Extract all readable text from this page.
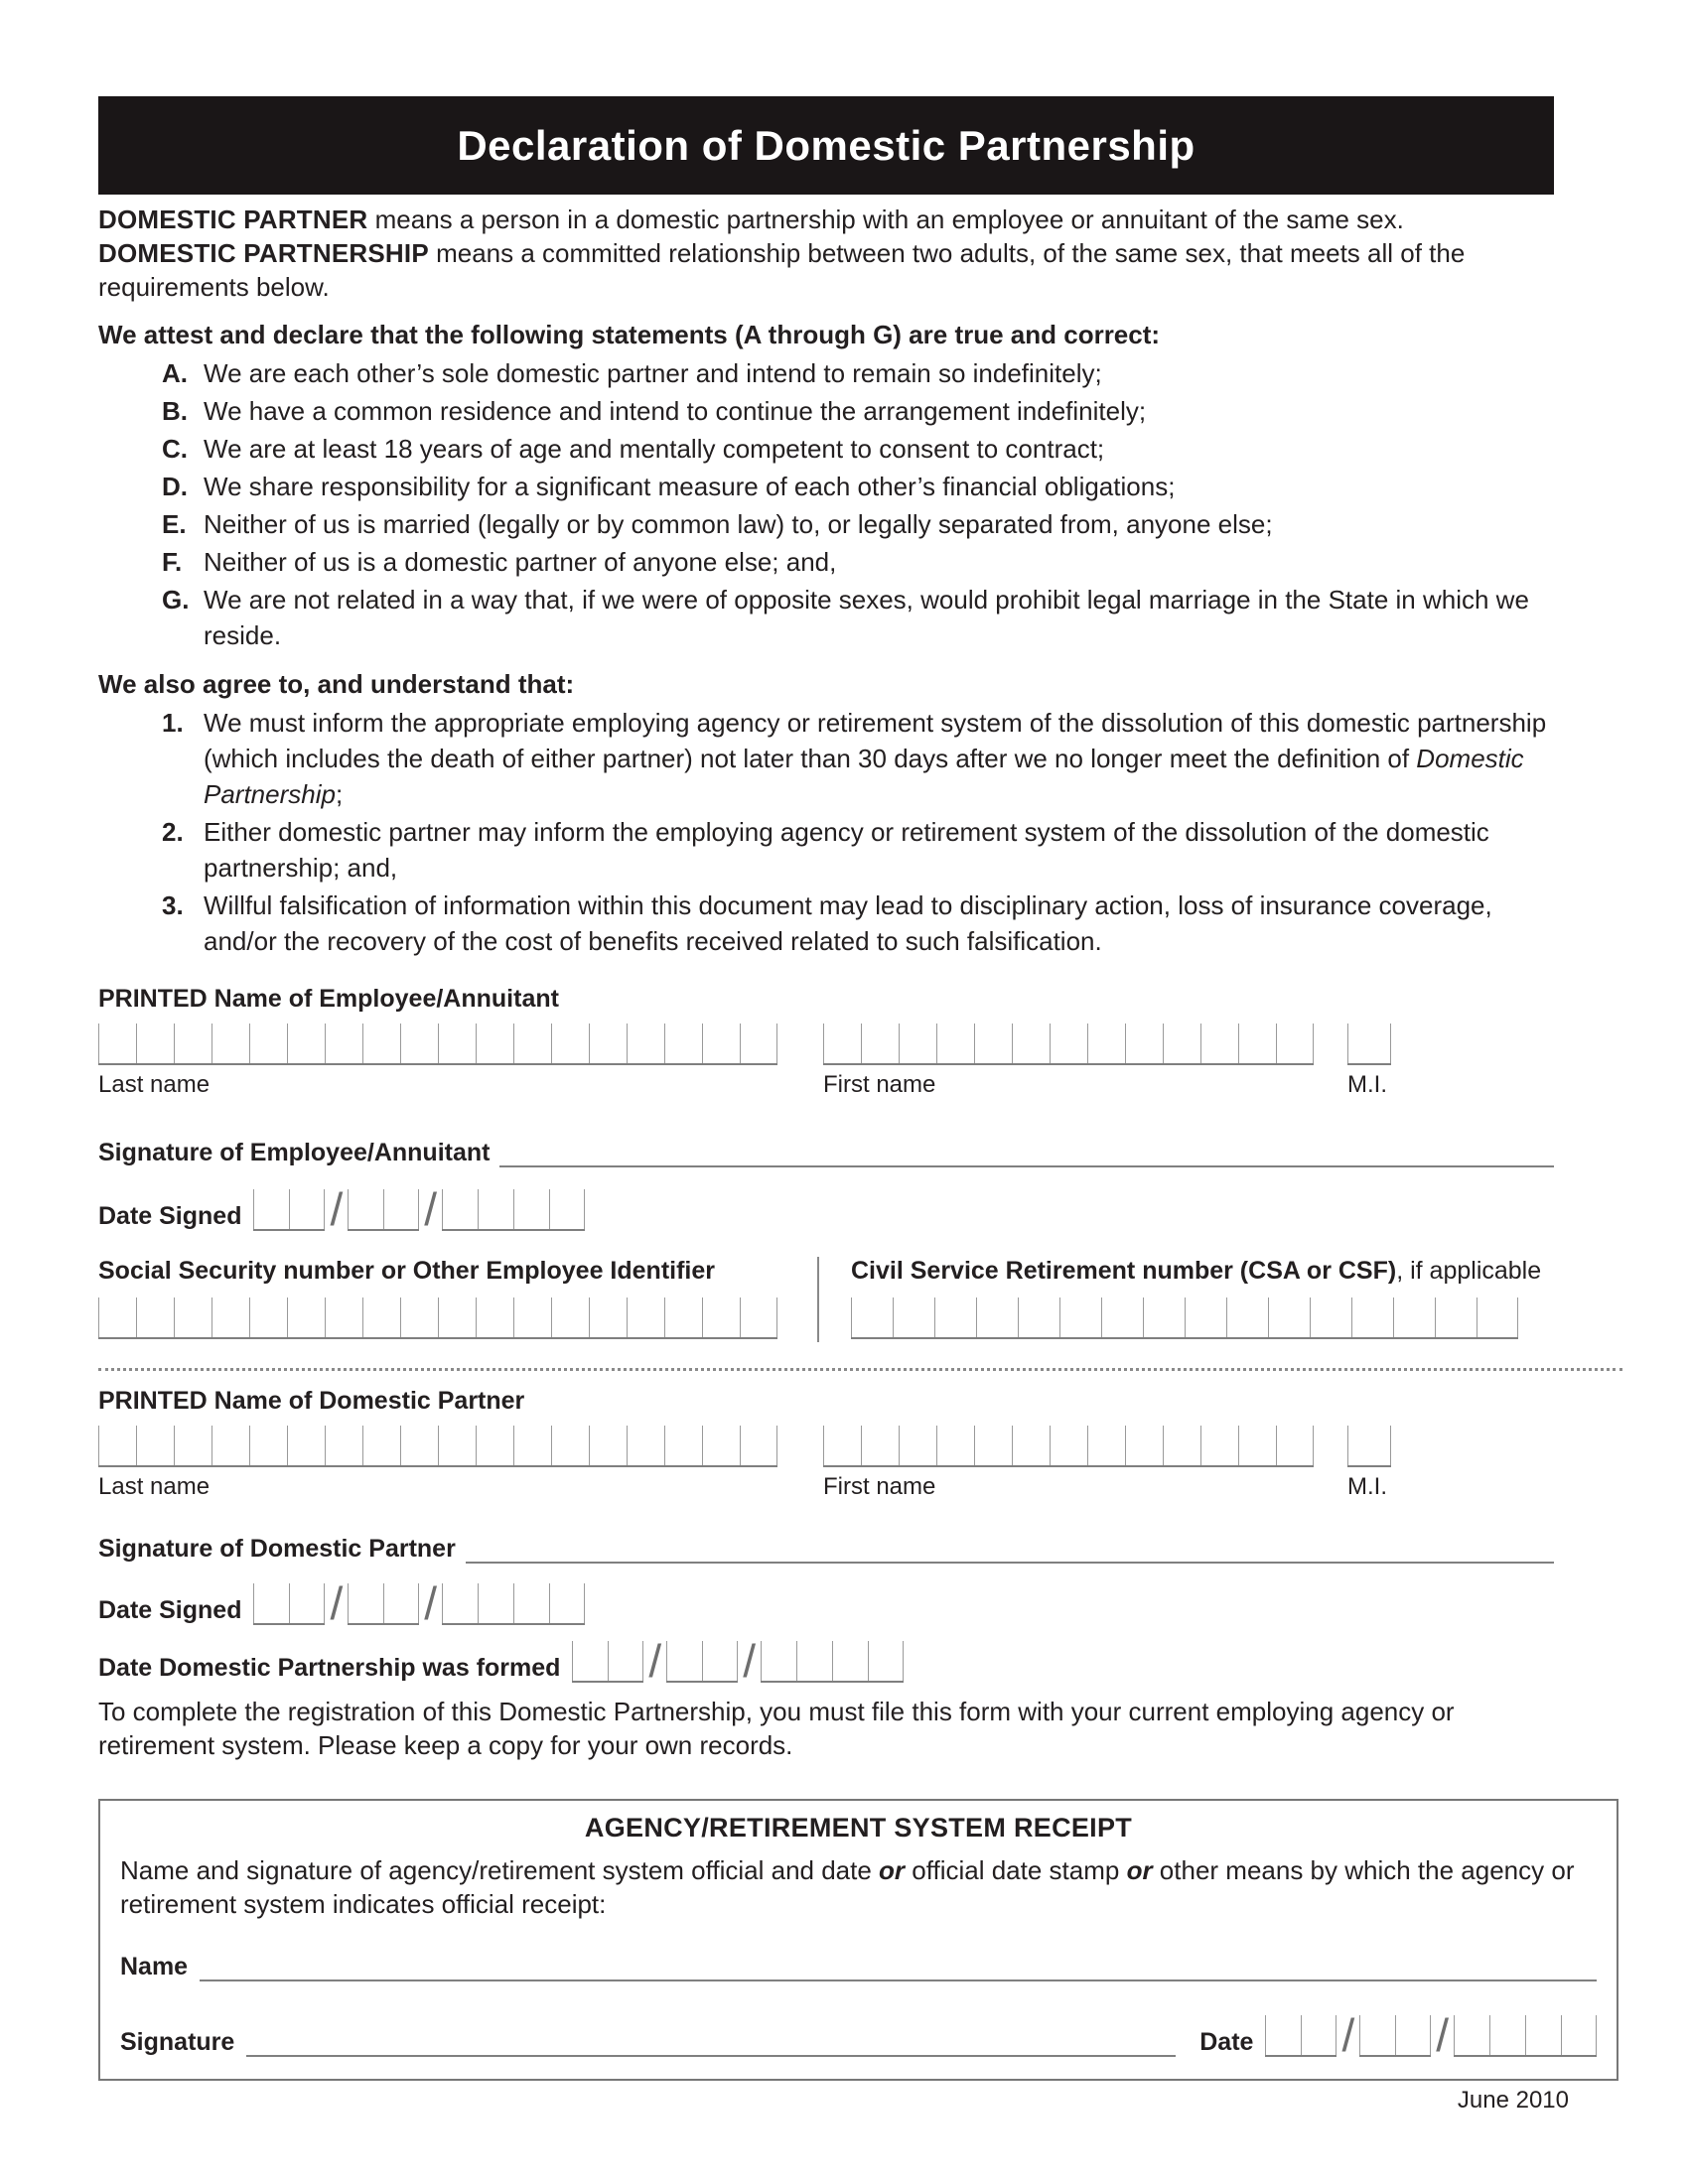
Declaration of Domestic Partnership

DOMESTIC PARTNER means a person in a domestic partnership with an employee or annuitant of the same sex.

DOMESTIC PARTNERSHIP means a committed relationship between two adults, of the same sex, that meets all of the requirements below.

We attest and declare that the following statements (A through G) are true and correct:
A. We are each other’s sole domestic partner and intend to remain so indefinitely;
B. We have a common residence and intend to continue the arrangement indefinitely;
C. We are at least 18 years of age and mentally competent to consent to contract;
D. We share responsibility for a significant measure of each other’s financial obligations;
E. Neither of us is married (legally or by common law) to, or legally separated from, anyone else;
F. Neither of us is a domestic partner of anyone else; and,
G. We are not related in a way that, if we were of opposite sexes, would prohibit legal marriage in the State in which we reside.
We also agree to, and understand that:
1. We must inform the appropriate employing agency or retirement system of the dissolution of this domestic partnership (which includes the death of either partner) not later than 30 days after we no longer meet the definition of Domestic Partnership;
2. Either domestic partner may inform the employing agency or retirement system of the dissolution of the domestic partnership; and,
3. Willful falsification of information within this document may lead to disciplinary action, loss of insurance coverage, and/or the recovery of the cost of benefits received related to such falsification.
PRINTED Name of Employee/Annuitant
Last name	First name	M.I.
Signature of Employee/Annuitant
Date Signed / /
Social Security number or Other Employee Identifier	Civil Service Retirement number (CSA or CSF), if applicable
PRINTED Name of Domestic Partner
Last name	First name	M.I.
Signature of Domestic Partner
Date Signed / /
Date Domestic Partnership was formed / /

To complete the registration of this Domestic Partnership, you must file this form with your current employing agency or retirement system. Please keep a copy for your own records.

AGENCY/RETIREMENT SYSTEM RECEIPT

Name and signature of agency/retirement system official and date or official date stamp or other means by which the agency or retirement system indicates official receipt:

Name
Signature	Date / /
June 2010
